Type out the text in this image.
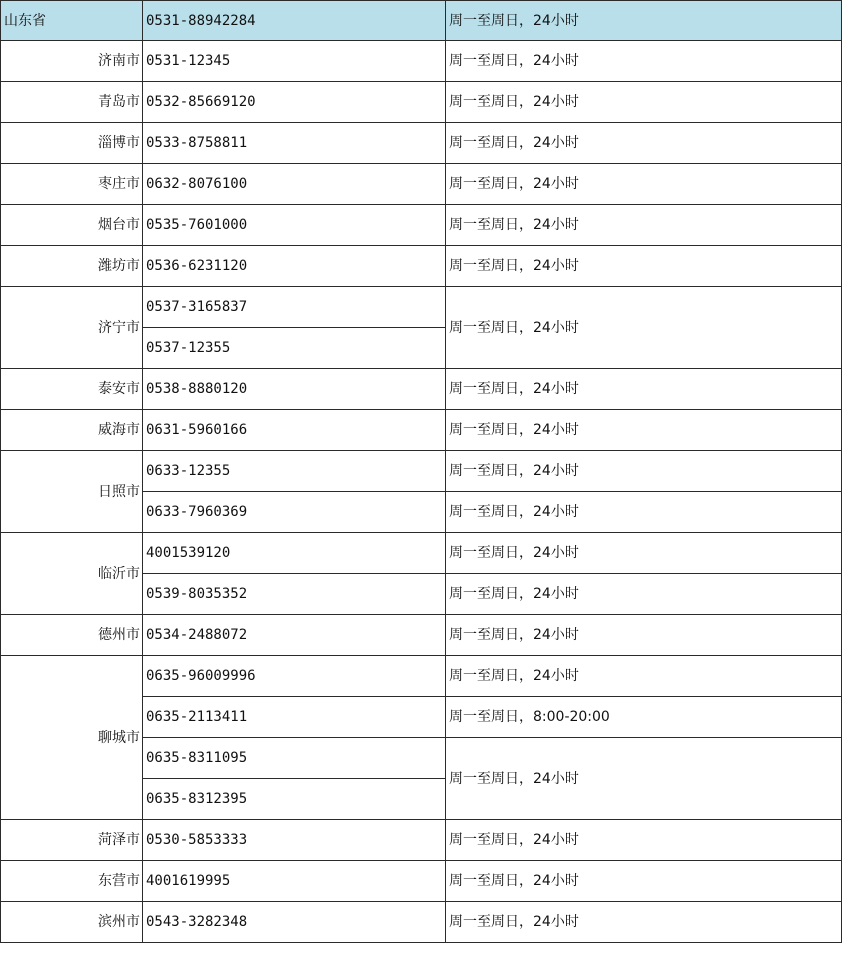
山东省	0531-88942284	周一至周日，24小时
济南市	0531-12345	周一至周日，24小时
青岛市	0532-85669120	周一至周日，24小时
淄博市	0533-8758811	周一至周日，24小时
枣庄市	0632-8076100	周一至周日，24小时
烟台市	0535-7601000	周一至周日，24小时
潍坊市	0536-6231120	周一至周日，24小时
济宁市	0537-3165837	周一至周日，24小时
	0537-12355	
泰安市	0538-8880120	周一至周日，24小时
威海市	0631-5960166	周一至周日，24小时
日照市	0633-12355	周一至周日，24小时
	0633-7960369	周一至周日，24小时
临沂市	4001539120	周一至周日，24小时
	0539-8035352	周一至周日，24小时
德州市	0534-2488072	周一至周日，24小时
聊城市	0635-96009996	周一至周日，24小时
	0635-2113411	周一至周日，8:00-20:00
	0635-8311095	周一至周日，24小时
	0635-8312395	
菏泽市	0530-5853333	周一至周日，24小时
东营市	4001619995	周一至周日，24小时
滨州市	0543-3282348	周一至周日，24小时
